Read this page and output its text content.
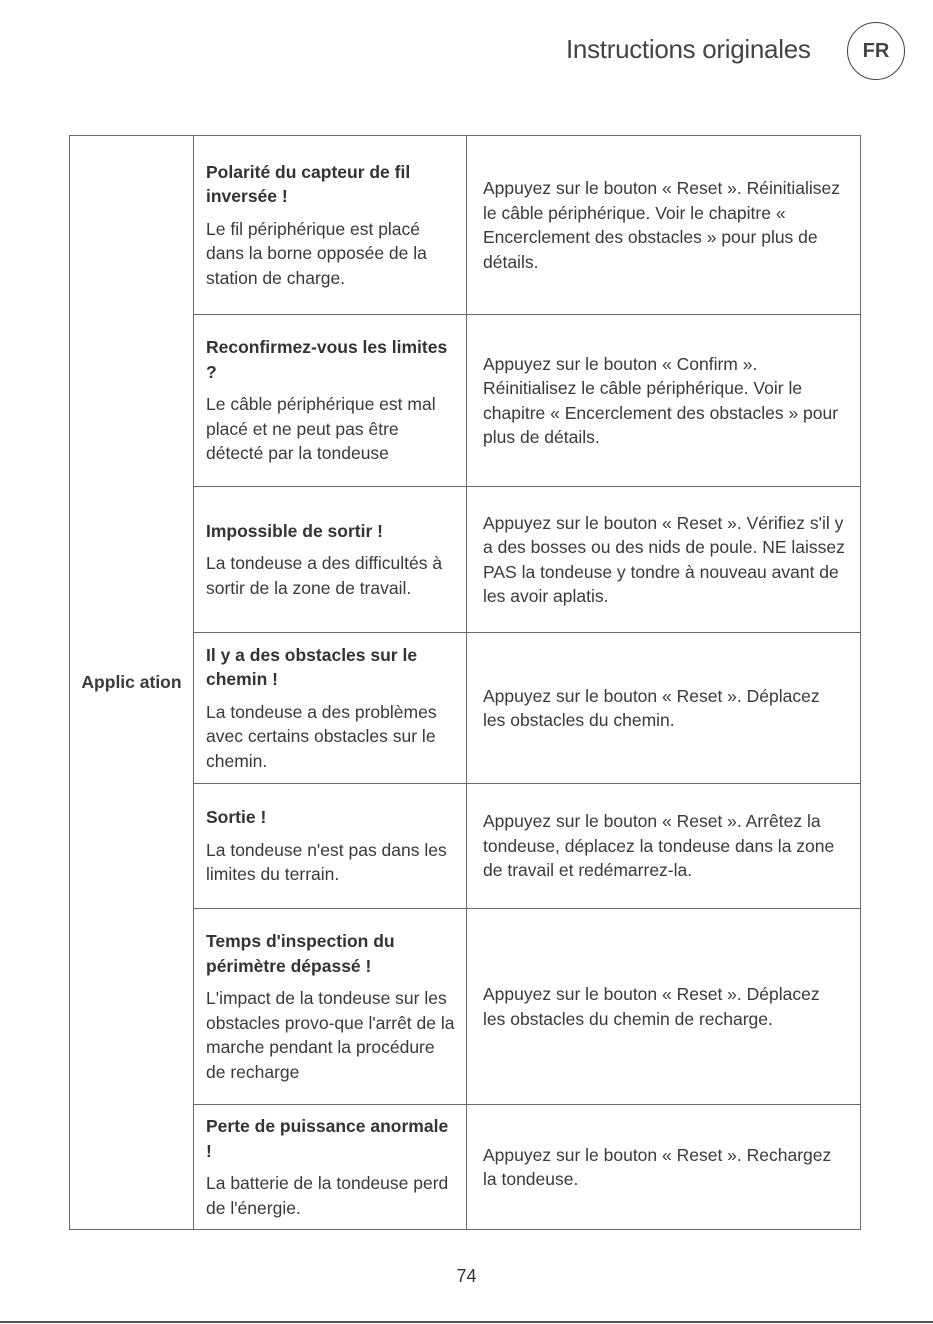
Instructions originales	FR
Applic ation	Polarité du capteur de fil inversée !
Le fil périphérique est placé dans la borne opposée de la station de charge.	Appuyez sur le bouton « Reset ». Réinitialisez le câble périphérique. Voir le chapitre « Encerclement des obstacles » pour plus de détails.

	Reconfirmez-vous les limites ?
Le câble périphérique est mal placé et ne peut pas être détecté par la tondeuse	Appuyez sur le bouton « Confirm ». Réinitialisez le câble périphérique. Voir le chapitre « Encerclement des obstacles » pour plus de détails.

	Impossible de sortir !
La tondeuse a des difficultés à sortir de la zone de travail.	Appuyez sur le bouton « Reset ». Vérifiez s'il y a des bosses ou des nids de poule. NE laissez PAS la tondeuse y tondre à nouveau avant de les avoir aplatis.

	Il y a des obstacles sur le chemin !
La tondeuse a des problèmes avec certains obstacles sur le chemin.	Appuyez sur le bouton « Reset ». Déplacez les obstacles du chemin.

	Sortie !
La tondeuse n'est pas dans les limites du terrain.	Appuyez sur le bouton « Reset ». Arrêtez la tondeuse, déplacez la tondeuse dans la zone de travail et redémarrez-la.

	Temps d'inspection du périmètre dépassé !
L'impact de la tondeuse sur les obstacles provo-que l'arrêt de la marche pendant la procédure de recharge	Appuyez sur le bouton « Reset ». Déplacez les obstacles du chemin de recharge.

	Perte de puissance anormale !
La batterie de la tondeuse perd de l'énergie.	Appuyez sur le bouton « Reset ». Rechargez la tondeuse.
74
